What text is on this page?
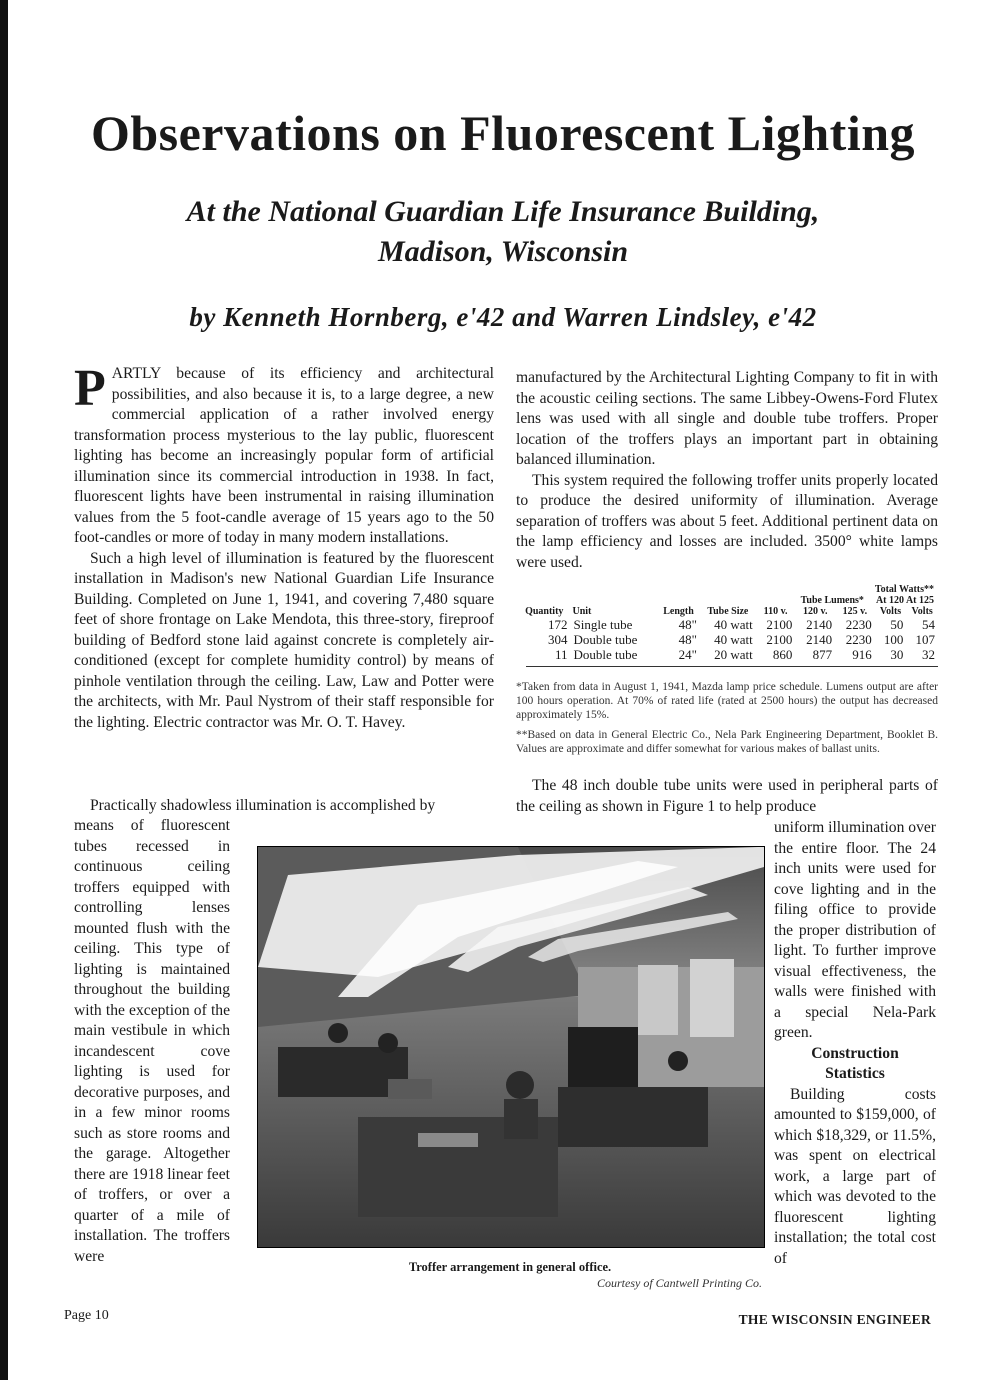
Observations on Fluorescent Lighting
At the National Guardian Life Insurance Building,
Madison, Wisconsin
by Kenneth Hornberg, e'42 and Warren Lindsley, e'42

PARTLY because of its efficiency and architectural possibilities, and also because it is, to a large degree, a new commercial application of a rather involved energy transformation process mysterious to the lay public, fluorescent lighting has become an increasingly popular form of artificial illumination since its commercial introduction in 1938. In fact, fluorescent lights have been instrumental in raising illumination values from the 5 foot-candle average of 15 years ago to the 50 foot-candles or more of today in many modern installations.

Such a high level of illumination is featured by the fluorescent installation in Madison's new National Guardian Life Insurance Building. Completed on June 1, 1941, and covering 7,480 square feet of shore frontage on Lake Mendota, this three-story, fireproof building of Bedford stone laid against concrete is completely air-conditioned (except for complete humidity control) by means of pinhole ventilation through the ceiling. Law, Law and Potter were the architects, with Mr. Paul Nystrom of their staff responsible for the lighting. Electric contractor was Mr. O. T. Havey.

Practically shadowless illumination is accomplished by

means of fluorescent tubes recessed in continuous ceiling troffers equipped with controlling lenses mounted flush with the ceiling. This type of lighting is maintained throughout the building with the exception of the main vestibule in which incandescent cove lighting is used for decorative purposes, and in a few minor rooms such as store rooms and the garage. Altogether there are 1918 linear feet of troffers, or over a quarter of a mile of installation. The troffers were

manufactured by the Architectural Lighting Company to fit in with the acoustic ceiling sections. The same Libbey-Owens-Ford Flutex lens was used with all single and double tube troffers. Proper location of the troffers plays an important part in obtaining balanced illumination.

This system required the following troffer units properly located to produce the desired uniformity of illumination. Average separation of troffers was about 5 feet. Additional pertinent data on the lamp efficiency and losses are included. 3500° white lamps were used.

Total Watts**
Tube Lumens* At 120 At 125
Quantity	Unit	Length	Tube Size	110 v.	120 v.	125 v.	Volts	Volts
172	Single tube	48"	40 watt	2100	2140	2230	50	54
304	Double tube	48"	40 watt	2100	2140	2230	100	107
11	Double tube	24"	20 watt	860	877	916	30	32
*Taken from data in August 1, 1941, Mazda lamp price schedule. Lumens output are after 100 hours operation. At 70% of rated life (rated at 2500 hours) the output has decreased approximately 15%.
**Based on data in General Electric Co., Nela Park Engineering Department, Booklet B. Values are approximate and differ somewhat for various makes of ballast units.
The 48 inch double tube units were used in peripheral parts of the ceiling as shown in Figure 1 to help produce

uniform illumination over the entire floor. The 24 inch units were used for cove lighting and in the filing office to provide the proper distribution of light. To further improve visual effectiveness, the walls were finished with a special Nela-Park green.

Construction

Statistics

Building costs amounted to $159,000, of which $18,329, or 11.5%, was spent on electrical work, a large part of which was devoted to the fluorescent lighting installation; the total cost of

Troffer arrangement in general office.
Courtesy of Cantwell Printing Co.
Page 10	THE WISCONSIN ENGINEER
